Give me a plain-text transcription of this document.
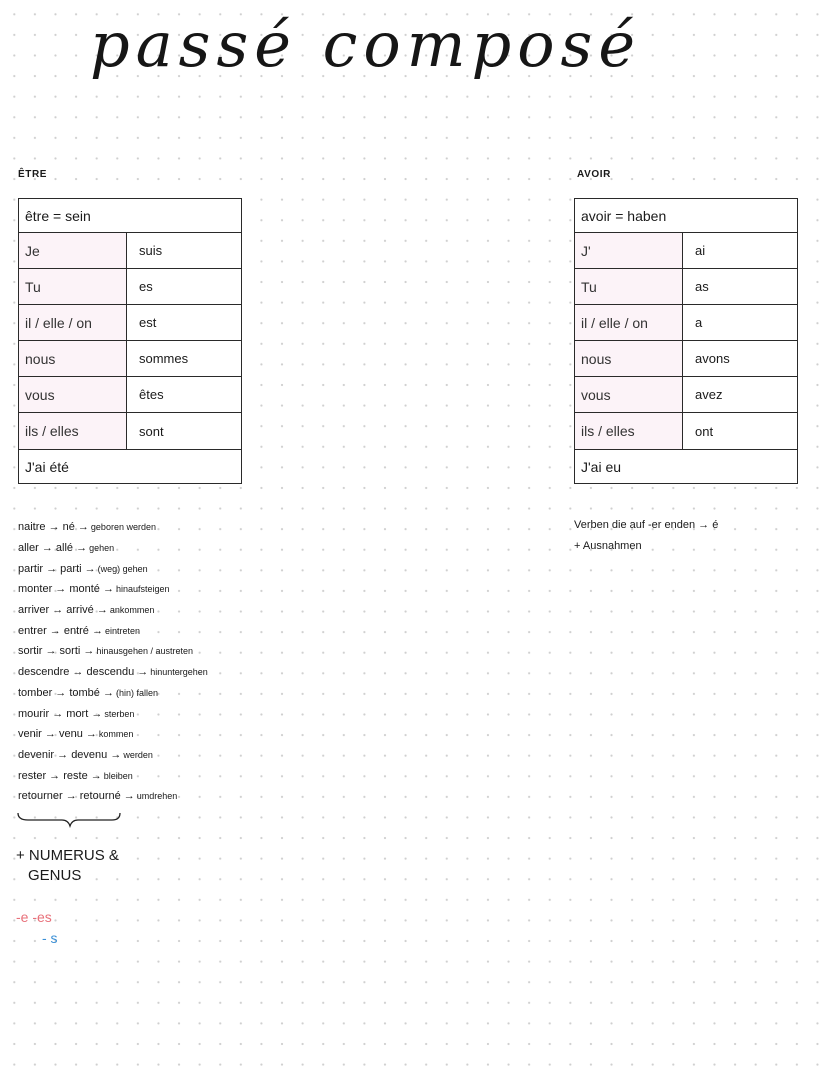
passé composé
ÊTRE
être = sein
Je	suis
Tu	es
il / elle / on	est
nous	sommes
vous	êtes
ils / elles	sont
J'ai été
AVOIR
avoir = haben
J'	ai
Tu	as
il / elle / on	a
nous	avons
vous	avez
ils / elles	ont
J'ai eu
naitre → né → geboren werden
aller → allé → gehen
partir → parti → (weg) gehen
monter → monté → hinaufsteigen
arriver → arrivé → ankommen
entrer → entré → eintreten
sortir → sorti → hinausgehen / austreten
descendre → descendu → hinuntergehen
tomber → tombé → (hin) fallen
mourir → mort → sterben
venir → venu → kommen
devenir → devenu → werden
rester → reste → bleiben
retourner → retourné → umdrehen
+ NUMERUS &
GENUS
-e -es
- s
Verben die auf -er enden → é
+ Ausnahmen
